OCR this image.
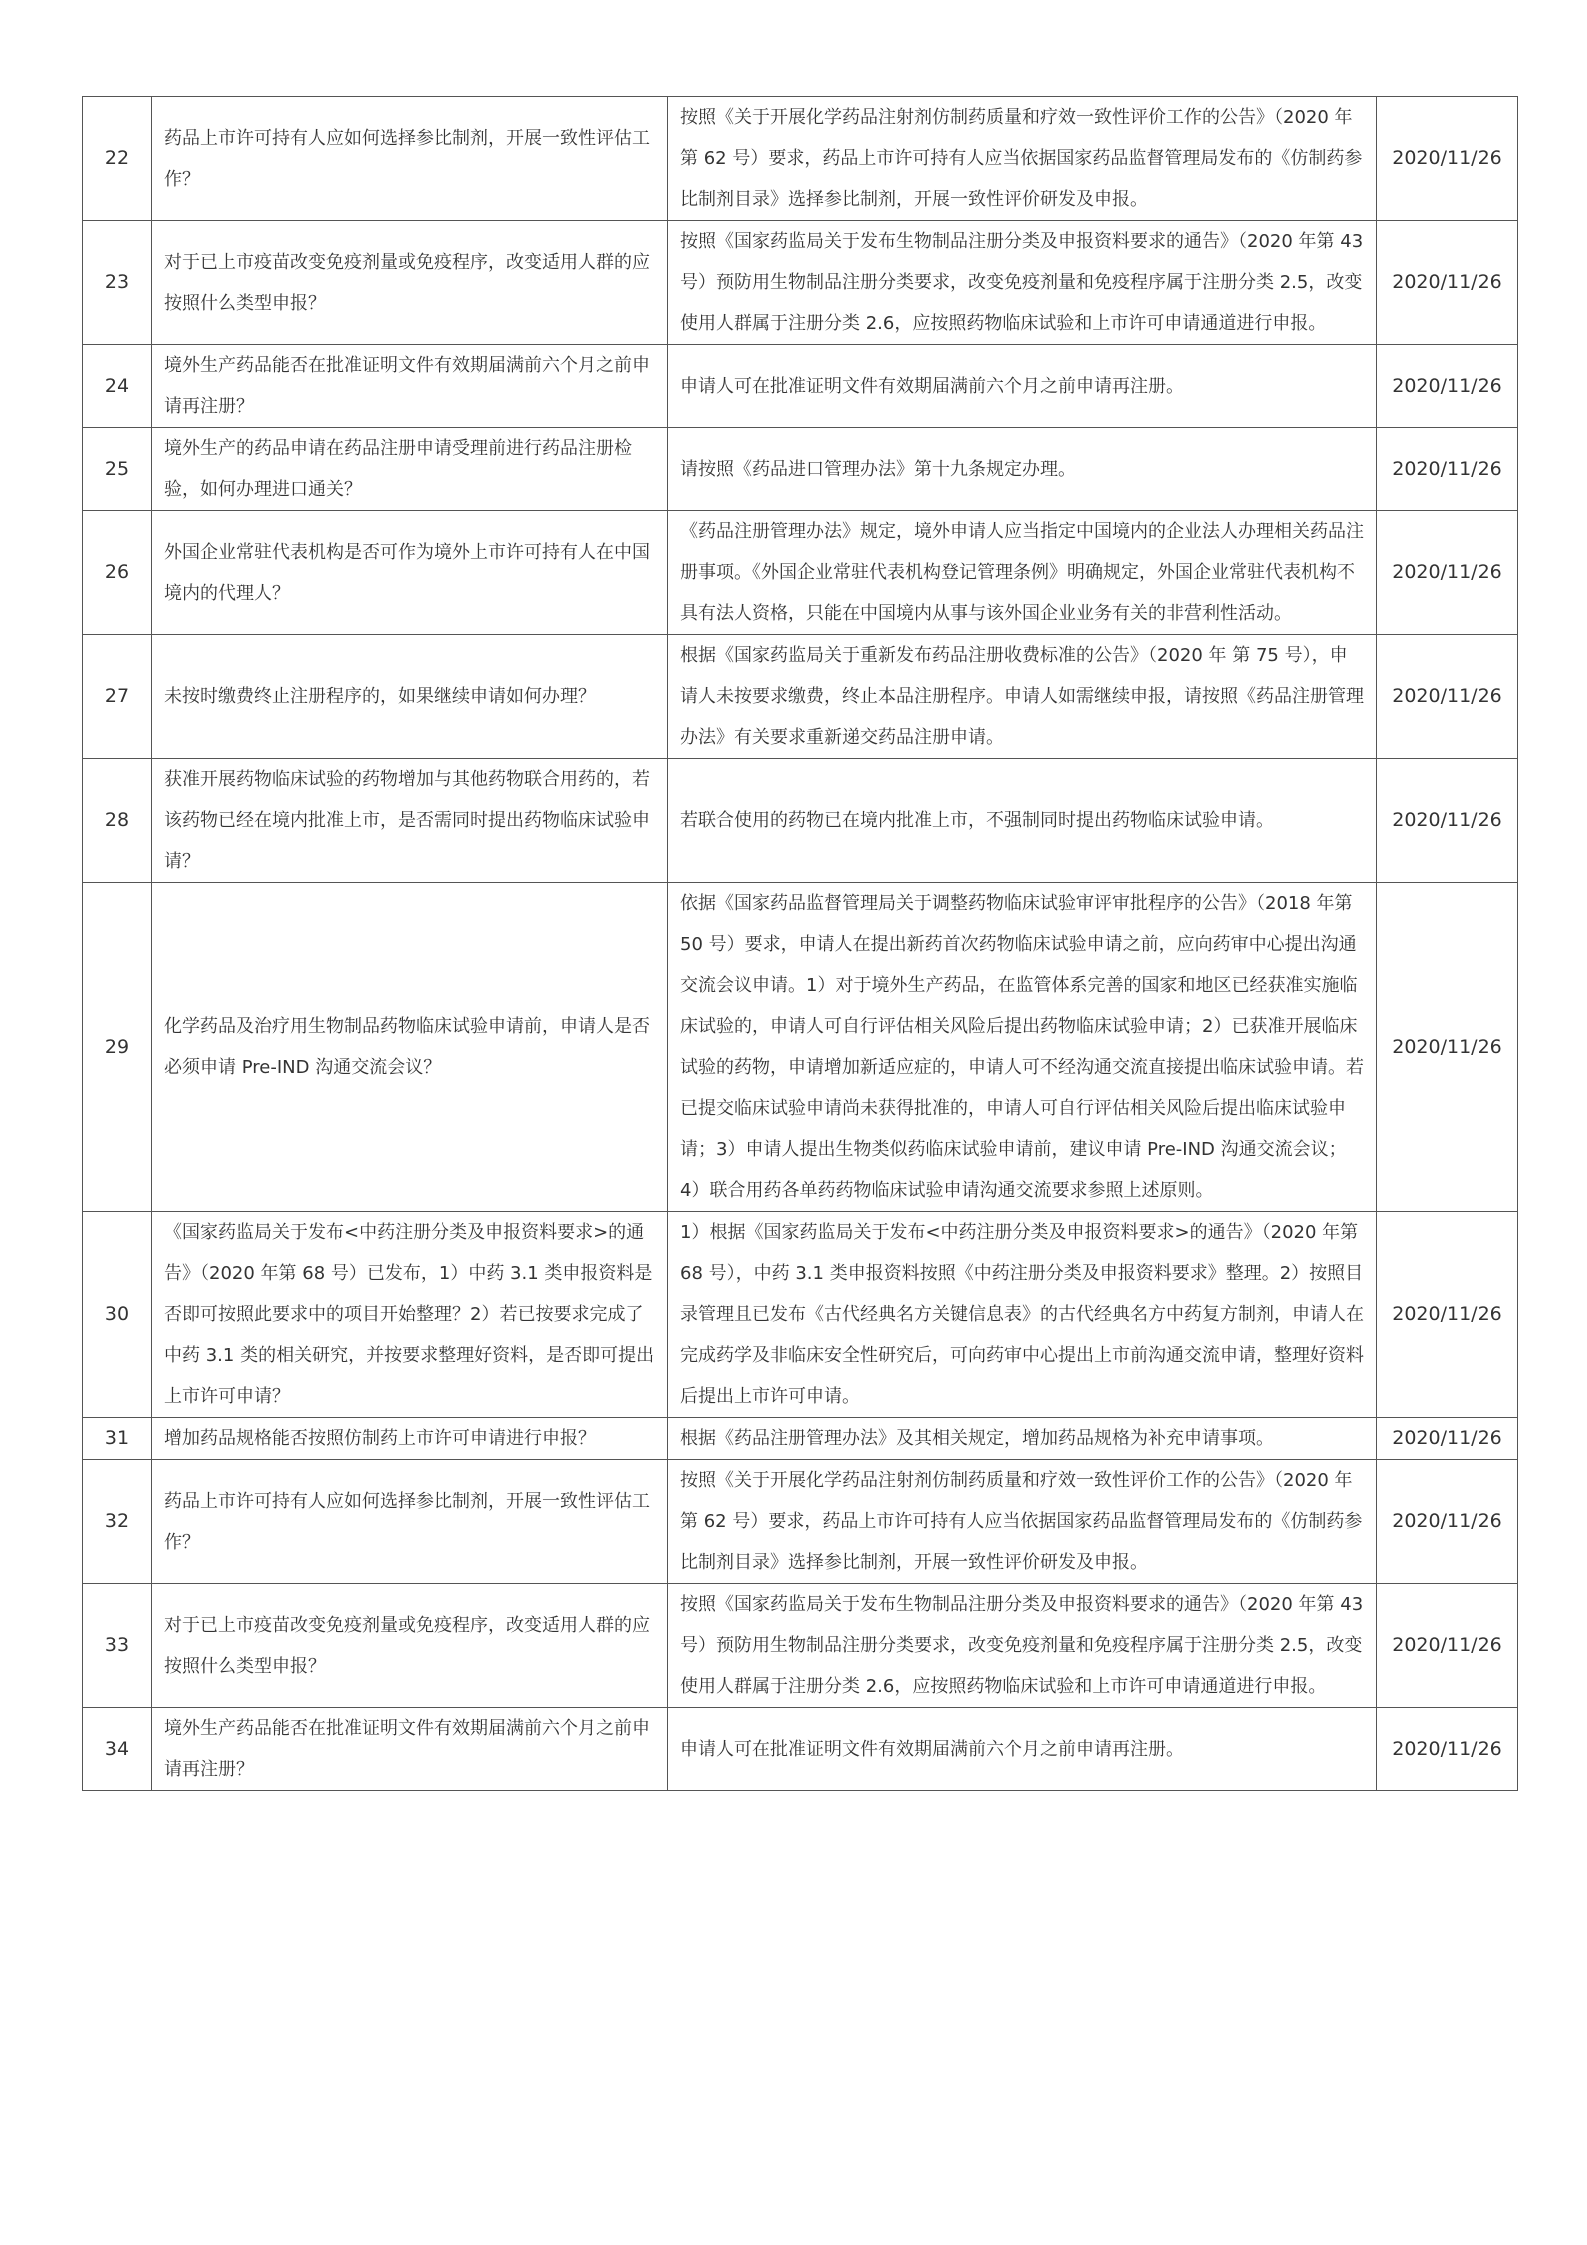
22	药品上市许可持有人应如何选择参比制剂，开展一致性评估工作？	按照《关于开展化学药品注射剂仿制药质量和疗效一致性评价工作的公告》（2020 年第 62 号）要求，药品上市许可持有人应当依据国家药品监督管理局发布的《仿制药参比制剂目录》选择参比制剂，开展一致性评价研发及申报。	2020/11/26
23	对于已上市疫苗改变免疫剂量或免疫程序，改变适用人群的应按照什么类型申报？	按照《国家药监局关于发布生物制品注册分类及申报资料要求的通告》（2020 年第 43 号）预防用生物制品注册分类要求，改变免疫剂量和免疫程序属于注册分类 2.5，改变使用人群属于注册分类 2.6，应按照药物临床试验和上市许可申请通道进行申报。	2020/11/26
24	境外生产药品能否在批准证明文件有效期届满前六个月之前申请再注册？	申请人可在批准证明文件有效期届满前六个月之前申请再注册。	2020/11/26
25	境外生产的药品申请在药品注册申请受理前进行药品注册检验，如何办理进口通关？	请按照《药品进口管理办法》第十九条规定办理。	2020/11/26
26	外国企业常驻代表机构是否可作为境外上市许可持有人在中国境内的代理人？	《药品注册管理办法》规定，境外申请人应当指定中国境内的企业法人办理相关药品注册事项。《外国企业常驻代表机构登记管理条例》明确规定，外国企业常驻代表机构不具有法人资格，只能在中国境内从事与该外国企业业务有关的非营利性活动。	2020/11/26
27	未按时缴费终止注册程序的，如果继续申请如何办理？	根据《国家药监局关于重新发布药品注册收费标准的公告》（2020 年 第 75 号），申请人未按要求缴费，终止本品注册程序。申请人如需继续申报，请按照《药品注册管理办法》有关要求重新递交药品注册申请。	2020/11/26
28	获准开展药物临床试验的药物增加与其他药物联合用药的，若该药物已经在境内批准上市，是否需同时提出药物临床试验申请？	若联合使用的药物已在境内批准上市，不强制同时提出药物临床试验申请。	2020/11/26
29	化学药品及治疗用生物制品药物临床试验申请前，申请人是否必须申请 Pre-IND 沟通交流会议？	依据《国家药品监督管理局关于调整药物临床试验审评审批程序的公告》（2018 年第 50 号）要求，申请人在提出新药首次药物临床试验申请之前，应向药审中心提出沟通交流会议申请。1）对于境外生产药品，在监管体系完善的国家和地区已经获准实施临床试验的，申请人可自行评估相关风险后提出药物临床试验申请；2）已获准开展临床试验的药物，申请增加新适应症的，申请人可不经沟通交流直接提出临床试验申请。若已提交临床试验申请尚未获得批准的，申请人可自行评估相关风险后提出临床试验申请；3）申请人提出生物类似药临床试验申请前，建议申请 Pre-IND 沟通交流会议；4）联合用药各单药药物临床试验申请沟通交流要求参照上述原则。	2020/11/26
30	《国家药监局关于发布<中药注册分类及申报资料要求>的通告》（2020 年第 68 号）已发布，1）中药 3.1 类申报资料是否即可按照此要求中的项目开始整理？2）若已按要求完成了中药 3.1 类的相关研究，并按要求整理好资料，是否即可提出上市许可申请？	1）根据《国家药监局关于发布<中药注册分类及申报资料要求>的通告》（2020 年第 68 号），中药 3.1 类申报资料按照《中药注册分类及申报资料要求》整理。2）按照目录管理且已发布《古代经典名方关键信息表》的古代经典名方中药复方制剂，申请人在完成药学及非临床安全性研究后，可向药审中心提出上市前沟通交流申请，整理好资料后提出上市许可申请。	2020/11/26
31	增加药品规格能否按照仿制药上市许可申请进行申报？	根据《药品注册管理办法》及其相关规定，增加药品规格为补充申请事项。	2020/11/26
32	药品上市许可持有人应如何选择参比制剂，开展一致性评估工作？	按照《关于开展化学药品注射剂仿制药质量和疗效一致性评价工作的公告》（2020 年第 62 号）要求，药品上市许可持有人应当依据国家药品监督管理局发布的《仿制药参比制剂目录》选择参比制剂，开展一致性评价研发及申报。	2020/11/26
33	对于已上市疫苗改变免疫剂量或免疫程序，改变适用人群的应按照什么类型申报？	按照《国家药监局关于发布生物制品注册分类及申报资料要求的通告》（2020 年第 43 号）预防用生物制品注册分类要求，改变免疫剂量和免疫程序属于注册分类 2.5，改变使用人群属于注册分类 2.6，应按照药物临床试验和上市许可申请通道进行申报。	2020/11/26
34	境外生产药品能否在批准证明文件有效期届满前六个月之前申请再注册？	申请人可在批准证明文件有效期届满前六个月之前申请再注册。	2020/11/26
